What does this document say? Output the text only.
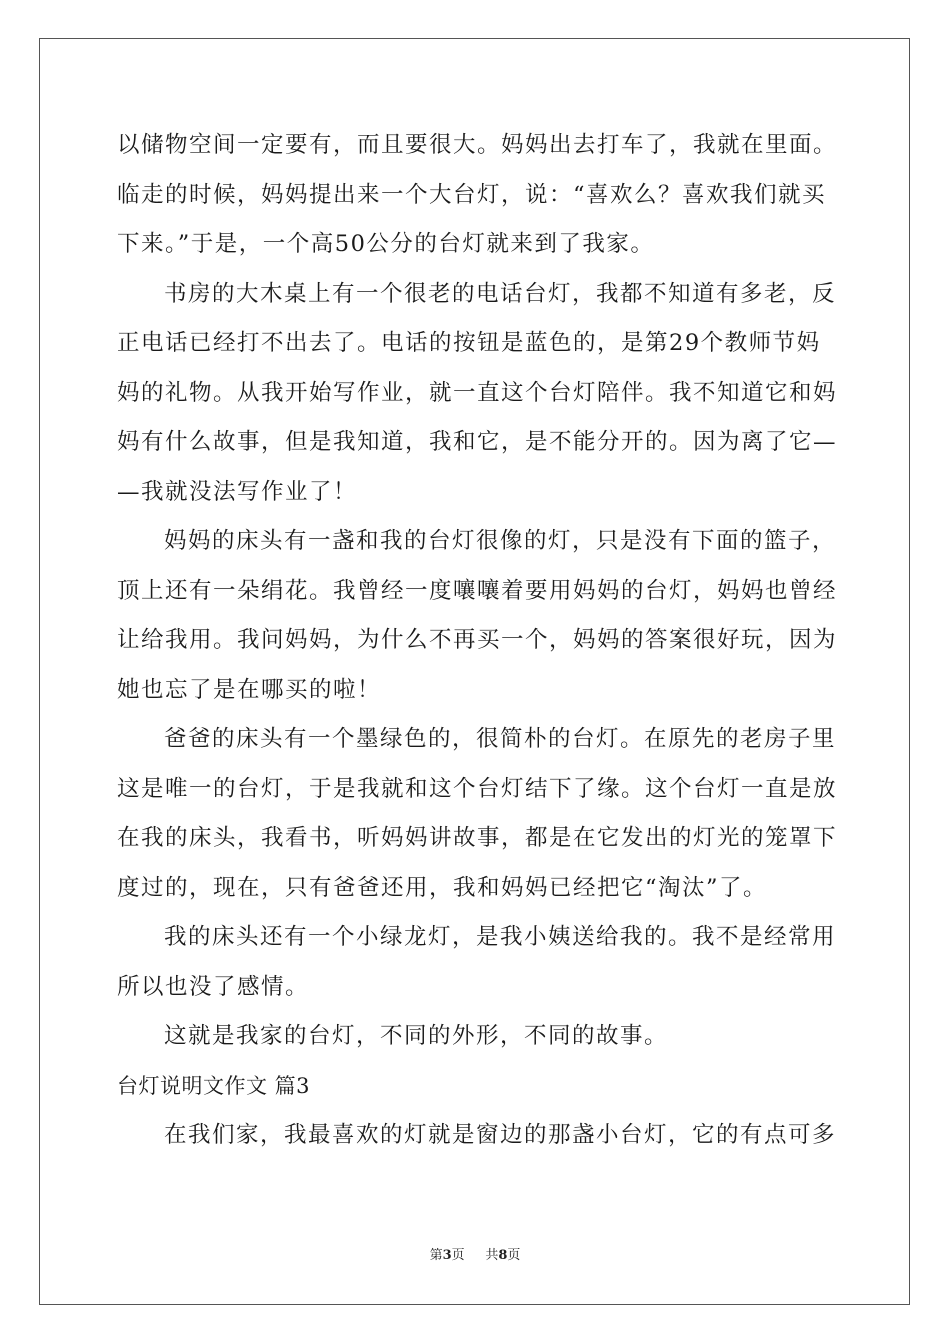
以储物空间一定要有，而且要很大。妈妈出去打车了，我就在里面。
临走的时候，妈妈提出来一个大台灯，说：“喜欢么？喜欢我们就买
下来。”于是，一个高50公分的台灯就来到了我家。
书房的大木桌上有一个很老的电话台灯，我都不知道有多老，反
正电话已经打不出去了。电话的按钮是蓝色的，是第29个教师节妈
妈的礼物。从我开始写作业，就一直这个台灯陪伴。我不知道它和妈
妈有什么故事，但是我知道，我和它，是不能分开的。因为离了它—
—我就没法写作业了！
妈妈的床头有一盏和我的台灯很像的灯，只是没有下面的篮子，
顶上还有一朵绢花。我曾经一度嚷嚷着要用妈妈的台灯，妈妈也曾经
让给我用。我问妈妈，为什么不再买一个，妈妈的答案很好玩，因为
她也忘了是在哪买的啦！
爸爸的床头有一个墨绿色的，很简朴的台灯。在原先的老房子里
这是唯一的台灯，于是我就和这个台灯结下了缘。这个台灯一直是放
在我的床头，我看书，听妈妈讲故事，都是在它发出的灯光的笼罩下
度过的，现在，只有爸爸还用，我和妈妈已经把它“淘汰”了。
我的床头还有一个小绿龙灯，是我小姨送给我的。我不是经常用
所以也没了感情。
这就是我家的台灯，不同的外形，不同的故事。
台灯说明文作文 篇3
在我们家，我最喜欢的灯就是窗边的那盏小台灯，它的有点可多
第3页 共8页
